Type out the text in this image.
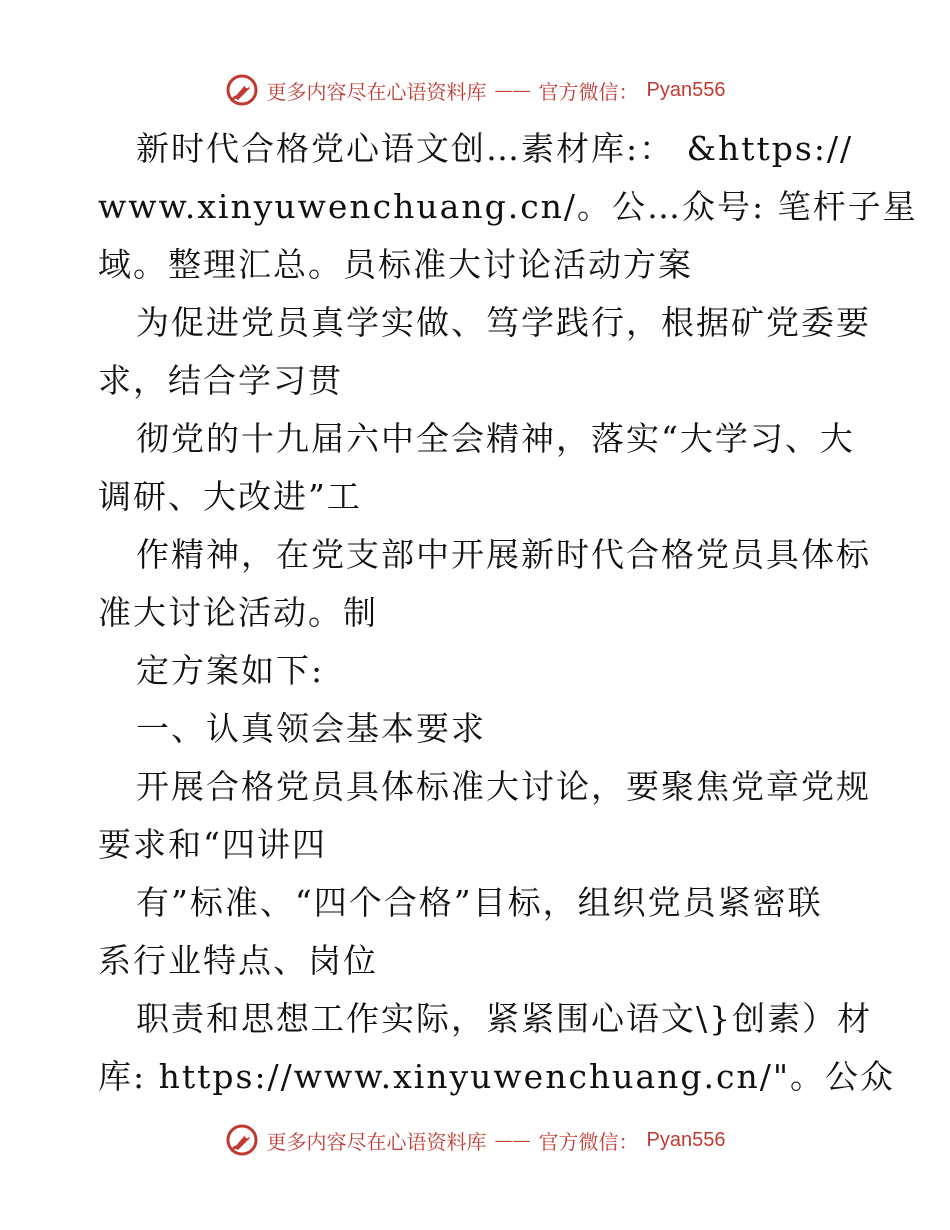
更多内容尽在心语资料库 —— 官方微信： Pyan556

新时代合格党心语文创…素材库:： &https://
www.xinyuwenchuang.cn/。公…众号: 笔杆子星
域。整理汇总。员标准大讨论活动方案

为促进党员真学实做、笃学践行，根据矿党委要
求，结合学习贯

彻党的十九届六中全会精神，落实“大学习、大
调研、大改进”工

作精神，在党支部中开展新时代合格党员具体标
准大讨论活动。制

定方案如下:

一、认真领会基本要求

开展合格党员具体标准大讨论，要聚焦党章党规
要求和“四讲四

有”标准、“四个合格”目标，组织党员紧密联
系行业特点、岗位

职责和思想工作实际，紧紧围心语文\}创素）材
库: https://www.xinyuwenchuang.cn/"。公众

更多内容尽在心语资料库 —— 官方微信： Pyan556
